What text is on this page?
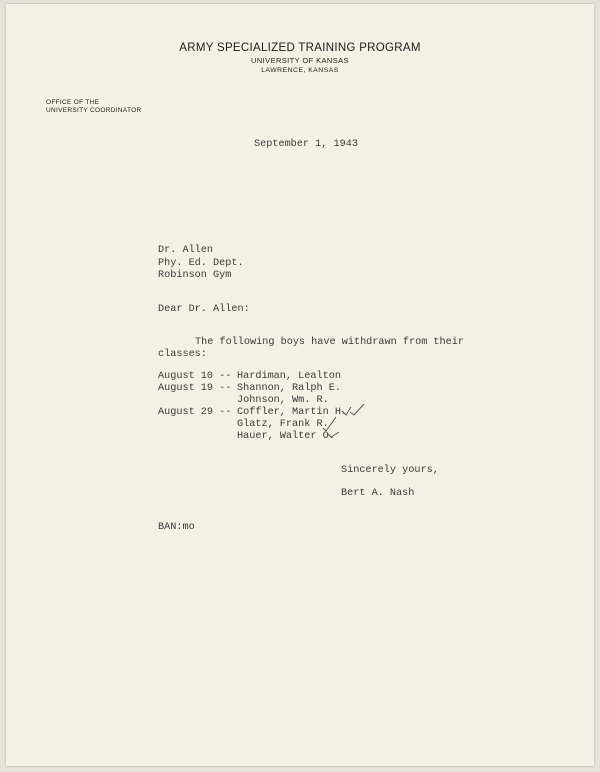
ARMY SPECIALIZED TRAINING PROGRAM
UNIVERSITY OF KANSAS
LAWRENCE, KANSAS
OFFICE OF THE
UNIVERSITY COORDINATOR
September 1, 1943
Dr. Allen
Phy. Ed. Dept.
Robinson Gym
Dear Dr. Allen:
The following boys have withdrawn from their
classes:
August 10 -- Hardiman, Lealton
August 19 -- Shannon, Ralph E.
Johnson, Wm. R.
August 29 -- Coffler, Martin H.
Glatz, Frank R.
Hauer, Walter O.
Sincerely yours,
Bert A. Nash
BAN:mo
